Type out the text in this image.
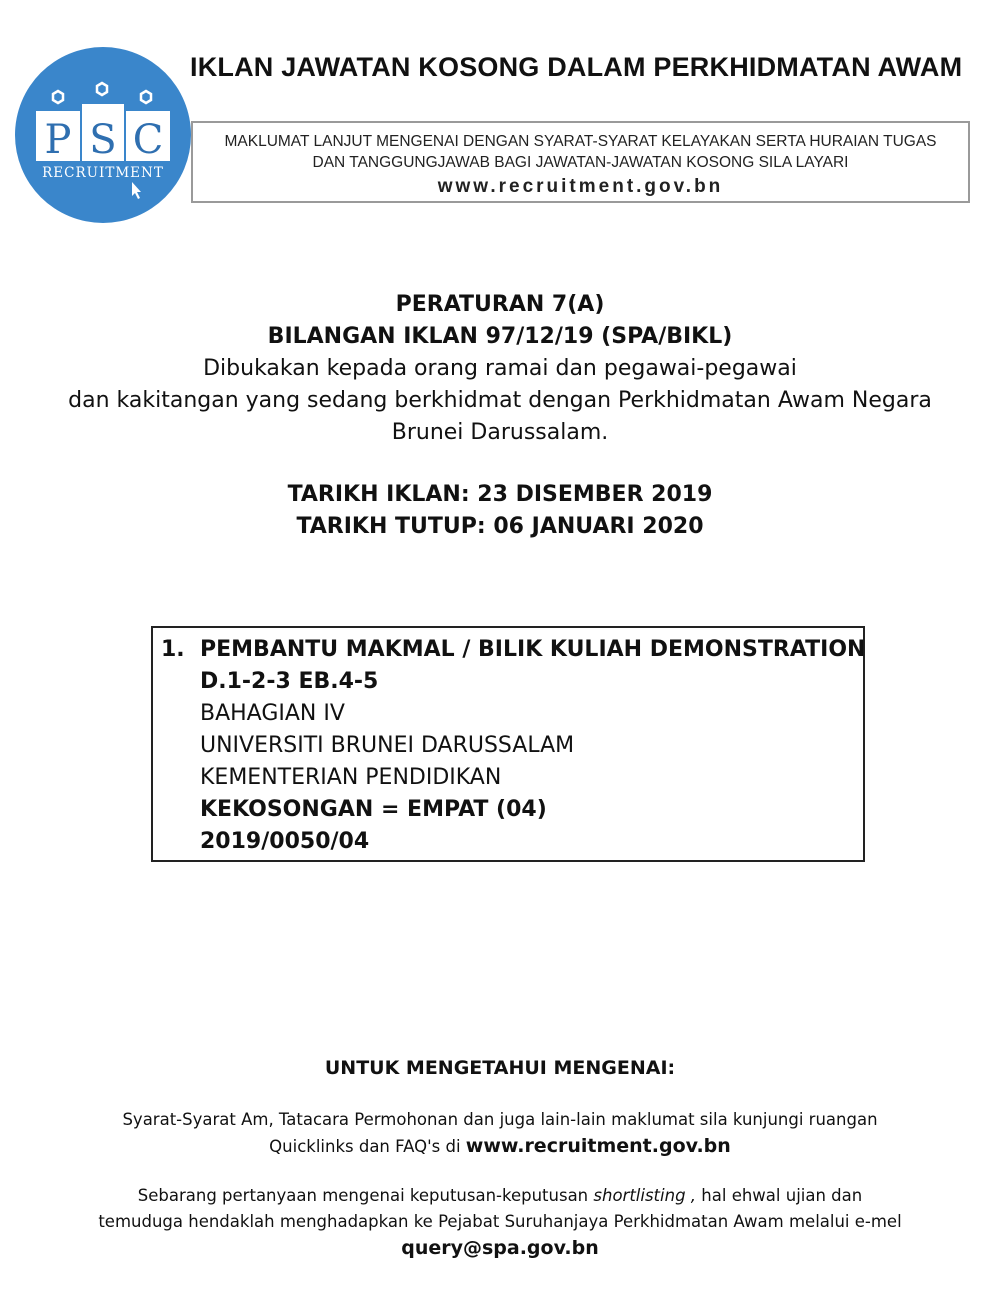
P S C
RECRUITMENT
IKLAN JAWATAN KOSONG DALAM PERKHIDMATAN AWAM
MAKLUMAT LANJUT MENGENAI DENGAN SYARAT-SYARAT KELAYAKAN SERTA HURAIAN TUGAS
DAN TANGGUNGJAWAB BAGI JAWATAN-JAWATAN KOSONG SILA LAYARI
www.recruitment.gov.bn
PERATURAN 7(A)
BILANGAN IKLAN 97/12/19 (SPA/BIKL)
Dibukakan kepada orang ramai dan pegawai-pegawai
dan kakitangan yang sedang berkhidmat dengan Perkhidmatan Awam Negara
Brunei Darussalam.
TARIKH IKLAN: 23 DISEMBER 2019
TARIKH TUTUP: 06 JANUARI 2020
1. PEMBANTU MAKMAL / BILIK KULIAH DEMONSTRATION
D.1-2-3 EB.4-5
BAHAGIAN IV
UNIVERSITI BRUNEI DARUSSALAM
KEMENTERIAN PENDIDIKAN
KEKOSONGAN = EMPAT (04)
2019/0050/04
UNTUK MENGETAHUI MENGENAI:
Syarat-Syarat Am, Tatacara Permohonan dan juga lain-lain maklumat sila kunjungi ruangan
Quicklinks dan FAQ's di www.recruitment.gov.bn
Sebarang pertanyaan mengenai keputusan-keputusan shortlisting , hal ehwal ujian dan
temuduga hendaklah menghadapkan ke Pejabat Suruhanjaya Perkhidmatan Awam melalui e-mel
query@spa.gov.bn
